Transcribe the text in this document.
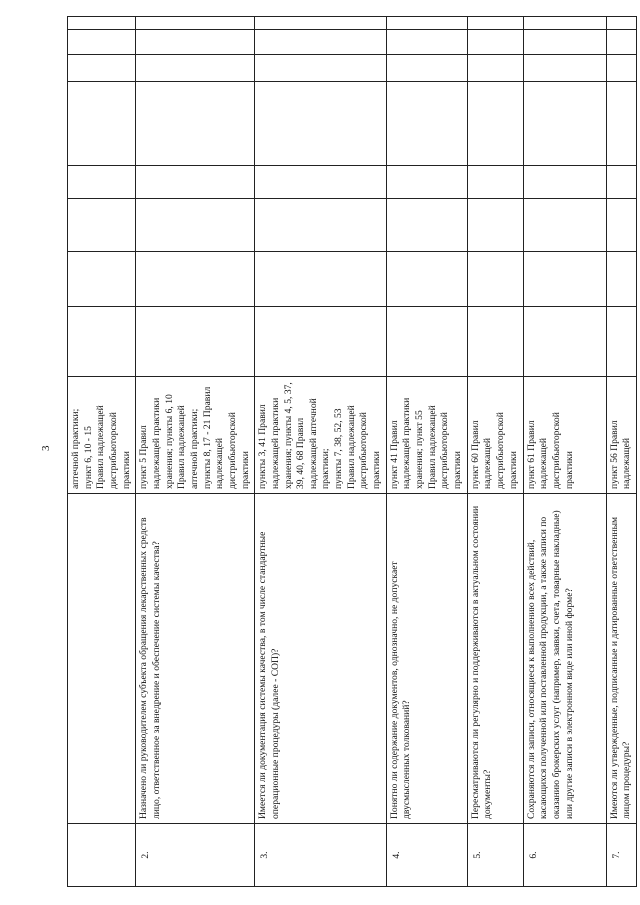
3
		аптечной практики;
пункт 6, 10 - 15
Правил надлежащей дистрибьюторской практики								
2.	Назначено ли руководителем субъекта обращения лекарственных средств лицо, ответственное за внедрение и обеспечение системы качества?	пункт 5 Правил надлежащей практики хранения; пункты 6, 10 Правил надлежащей аптечной практики;
пункты 8, 17 - 21 Правил надлежащей дистрибьюторской практики								
3.	Имеется ли документация системы качества, в том числе стандартные операционные процедуры (далее - СОП)?	пункты 3, 41 Правил надлежащей практики хранения; пункты 4, 5, 37, 39, 40, 68 Правил надлежащей аптечной практики;
пункты 7, 38, 52, 53 Правил надлежащей дистрибьюторской практики								
4.	Понятно ли содержание документов, однозначно, не допускает двусмысленных толкований?	пункт 41 Правил надлежащей практики хранения; пункт 55 Правил надлежащей дистрибьюторской практики								
5.	Пересматриваются ли регулярно и поддерживаются в актуальном состоянии документы?	пункт 60 Правил надлежащей дистрибьюторской практики								
6.	Сохраняются ли записи, относящиеся к выполнению всех действий, касающихся полученной или поставленной продукции, а также записи по оказанию брокерских услуг (например, заявки, счета, товарные накладные) или другие записи в электронном виде или иной форме?	пункт 61 Правил надлежащей дистрибьюторской практики								
7.	Имеются ли утвержденные, подписанные и датированные ответственным лицом процедуры?	пункт 56 Правил надлежащей								
